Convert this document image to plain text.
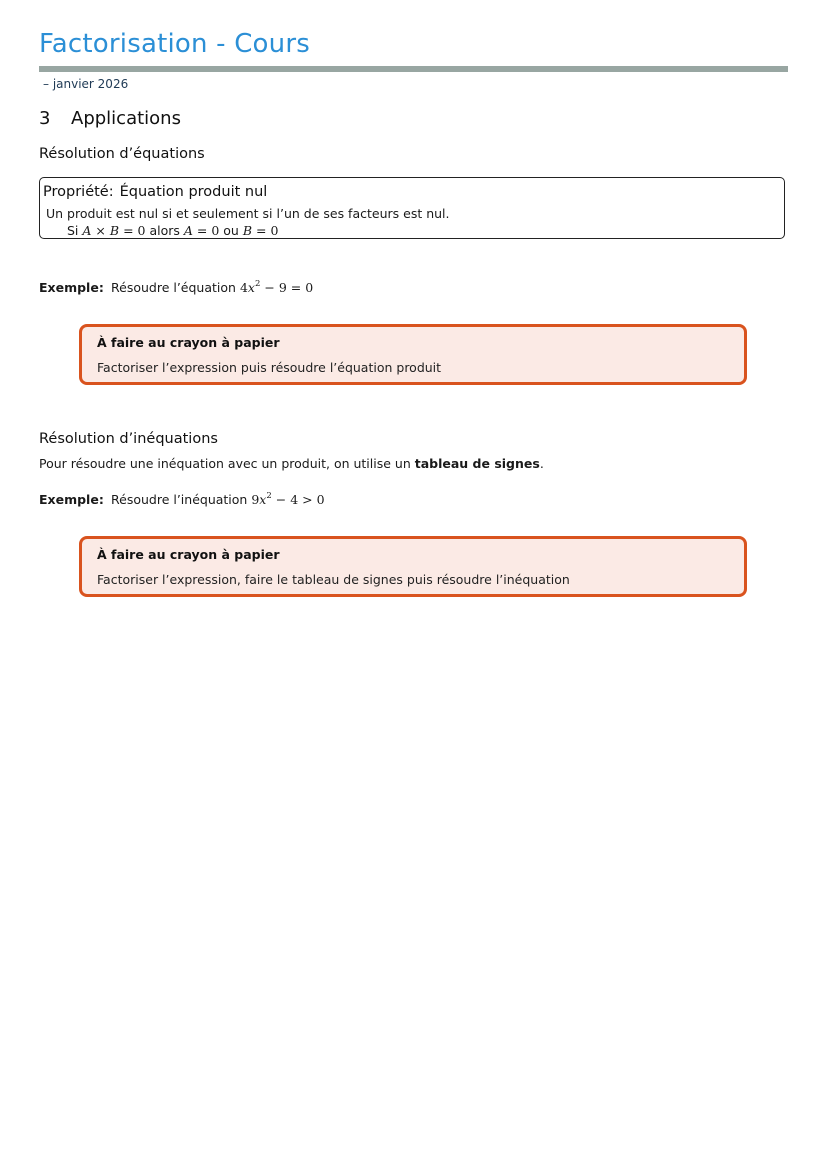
Factorisation - Cours
– janvier 2026
3 Applications
Résolution d’équations
Propriété: Équation produit nul
Un produit est nul si et seulement si l’un de ses facteurs est nul.
Si A × B = 0 alors A = 0 ou B = 0
Exemple: Résoudre l’équation $4x^2 - 9 = 0$
À faire au crayon à papier
Factoriser l’expression puis résoudre l’équation produit
Résolution d’inéquations
Pour résoudre une inéquation avec un produit, on utilise un tableau de signes.
Exemple: Résoudre l’inéquation $9x^2 - 4 > 0$
À faire au crayon à papier
Factoriser l’expression, faire le tableau de signes puis résoudre l’inéquation
